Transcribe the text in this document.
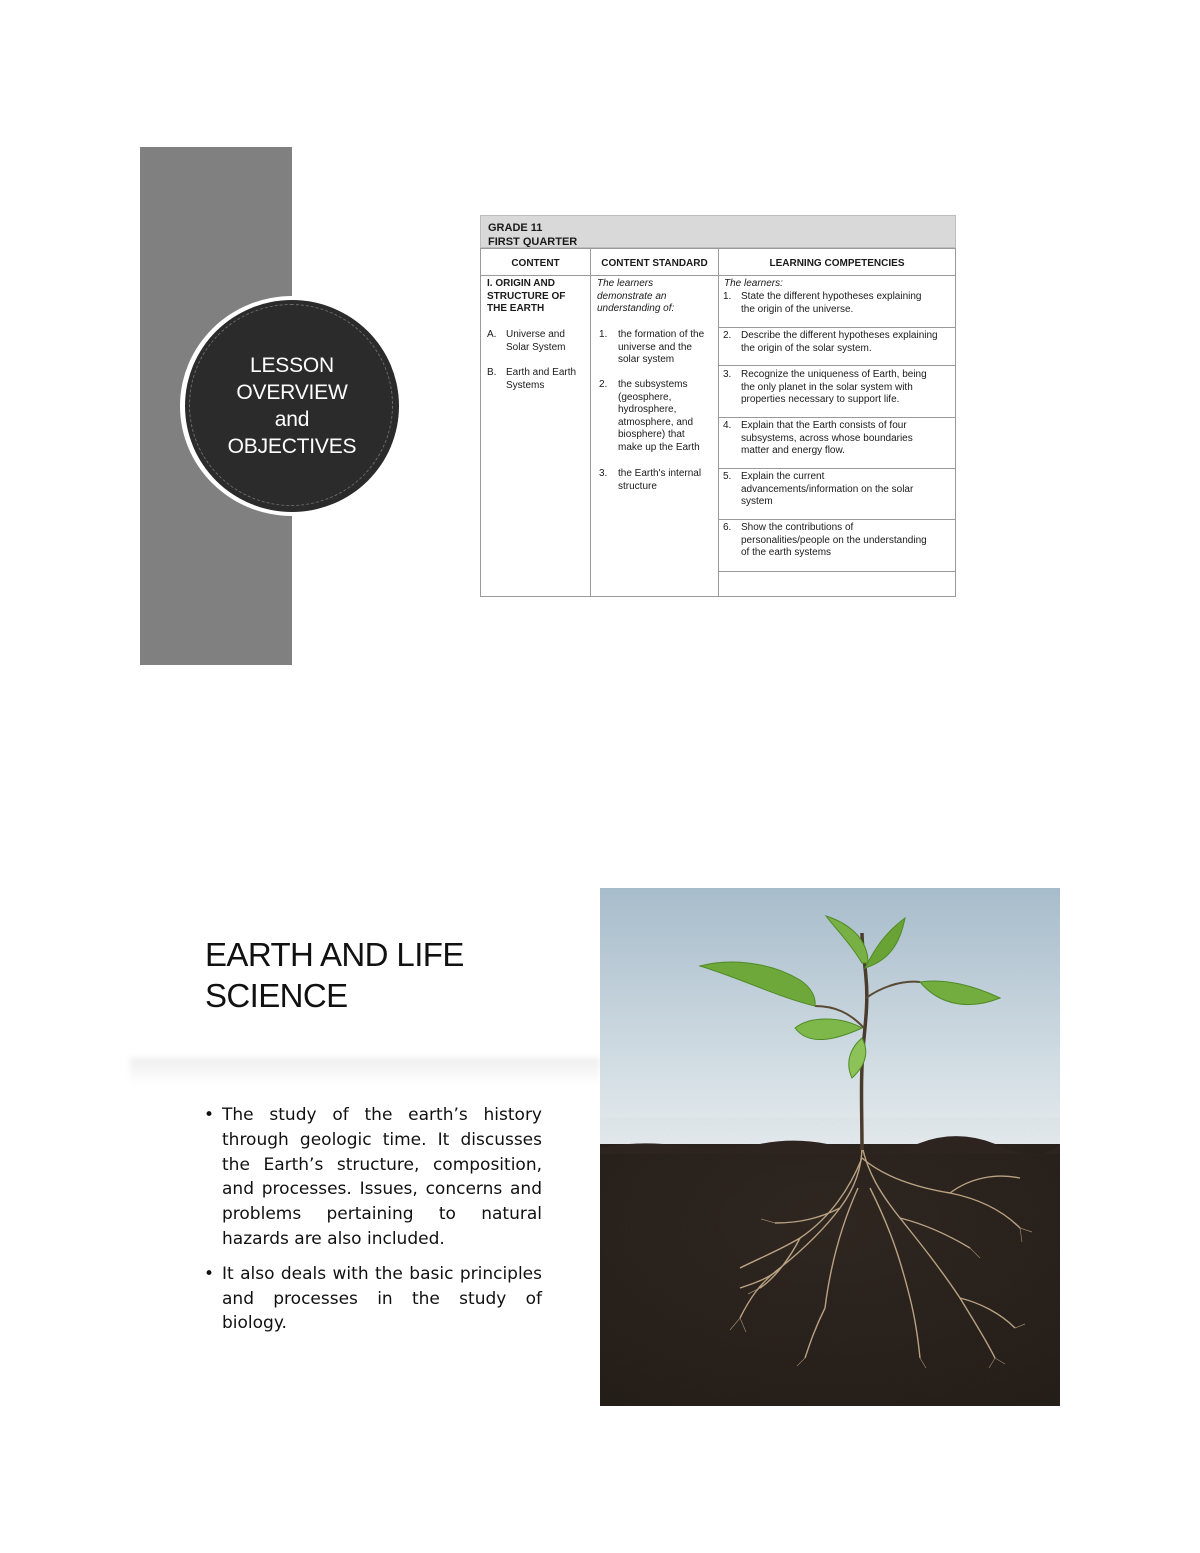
LESSON
OVERVIEW
and
OBJECTIVES
GRADE 11
FIRST QUARTER
CONTENT	CONTENT STANDARD	LEARNING COMPETENCIES
I. ORIGIN AND
STRUCTURE OF
THE EARTH
A. Universe and
Solar System
B. Earth and Earth
Systems
The learners
demonstrate an
understanding of:
1. the formation of the
universe and the
solar system
2. the subsystems
(geosphere,
hydrosphere,
atmosphere, and
biosphere) that
make up the Earth
3. the Earth's internal
structure
The learners:
1. State the different hypotheses explaining
the origin of the universe.
2. Describe the different hypotheses explaining
the origin of the solar system.
3. Recognize the uniqueness of Earth, being
the only planet in the solar system with
properties necessary to support life.
4. Explain that the Earth consists of four
subsystems, across whose boundaries
matter and energy flow.
5. Explain the current
advancements/information on the solar
system
6. Show the contributions of
personalities/people on the understanding
of the earth systems
EARTH AND LIFE
SCIENCE
• The study of the earth’s history through geologic time. It discusses the Earth’s structure, composition, and processes. Issues, concerns and problems pertaining to natural hazards are also included.
• It also deals with the basic principles and processes in the study of biology.
